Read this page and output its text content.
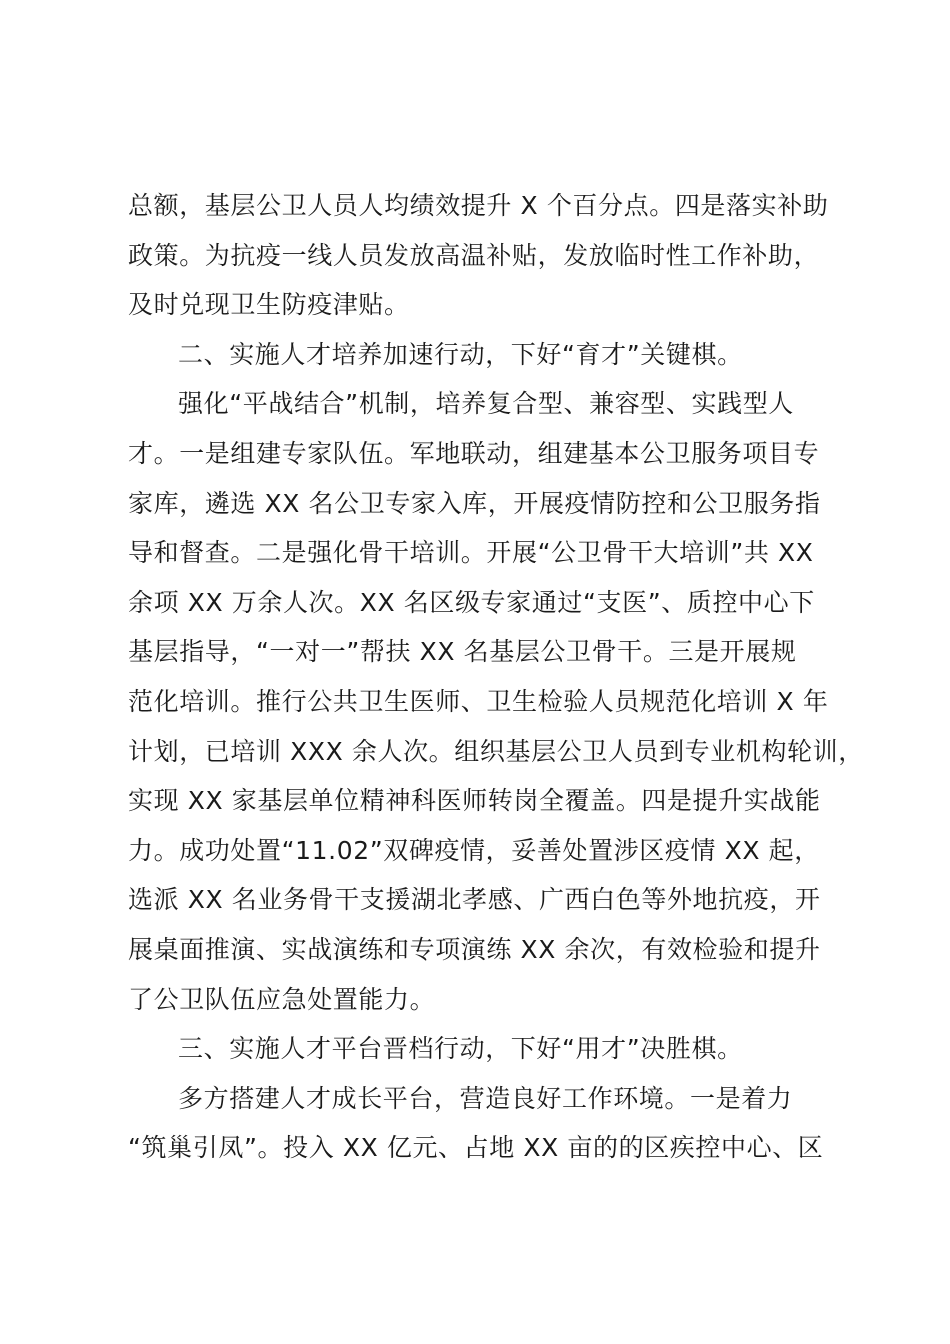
总额，基层公卫人员人均绩效提升 X 个百分点。四是落实补助
政策。为抗疫一线人员发放高温补贴，发放临时性工作补助，
及时兑现卫生防疫津贴。
二、实施人才培养加速行动，下好“育才”关键棋。
强化“平战结合”机制，培养复合型、兼容型、实践型人
才。一是组建专家队伍。军地联动，组建基本公卫服务项目专
家库，遴选 XX 名公卫专家入库，开展疫情防控和公卫服务指
导和督查。二是强化骨干培训。开展“公卫骨干大培训”共 XX
余项 XX 万余人次。XX 名区级专家通过“支医”、质控中心下
基层指导，“一对一”帮扶 XX 名基层公卫骨干。三是开展规
范化培训。推行公共卫生医师、卫生检验人员规范化培训 X 年
计划，已培训 XXX 余人次。组织基层公卫人员到专业机构轮训，
实现 XX 家基层单位精神科医师转岗全覆盖。四是提升实战能
力。成功处置“11.02”双碑疫情，妥善处置涉区疫情 XX 起，
选派 XX 名业务骨干支援湖北孝感、广西白色等外地抗疫，开
展桌面推演、实战演练和专项演练 XX 余次，有效检验和提升
了公卫队伍应急处置能力。
三、实施人才平台晋档行动，下好“用才”决胜棋。
多方搭建人才成长平台，营造良好工作环境。一是着力
“筑巢引凤”。投入 XX 亿元、占地 XX 亩的的区疾控中心、区
